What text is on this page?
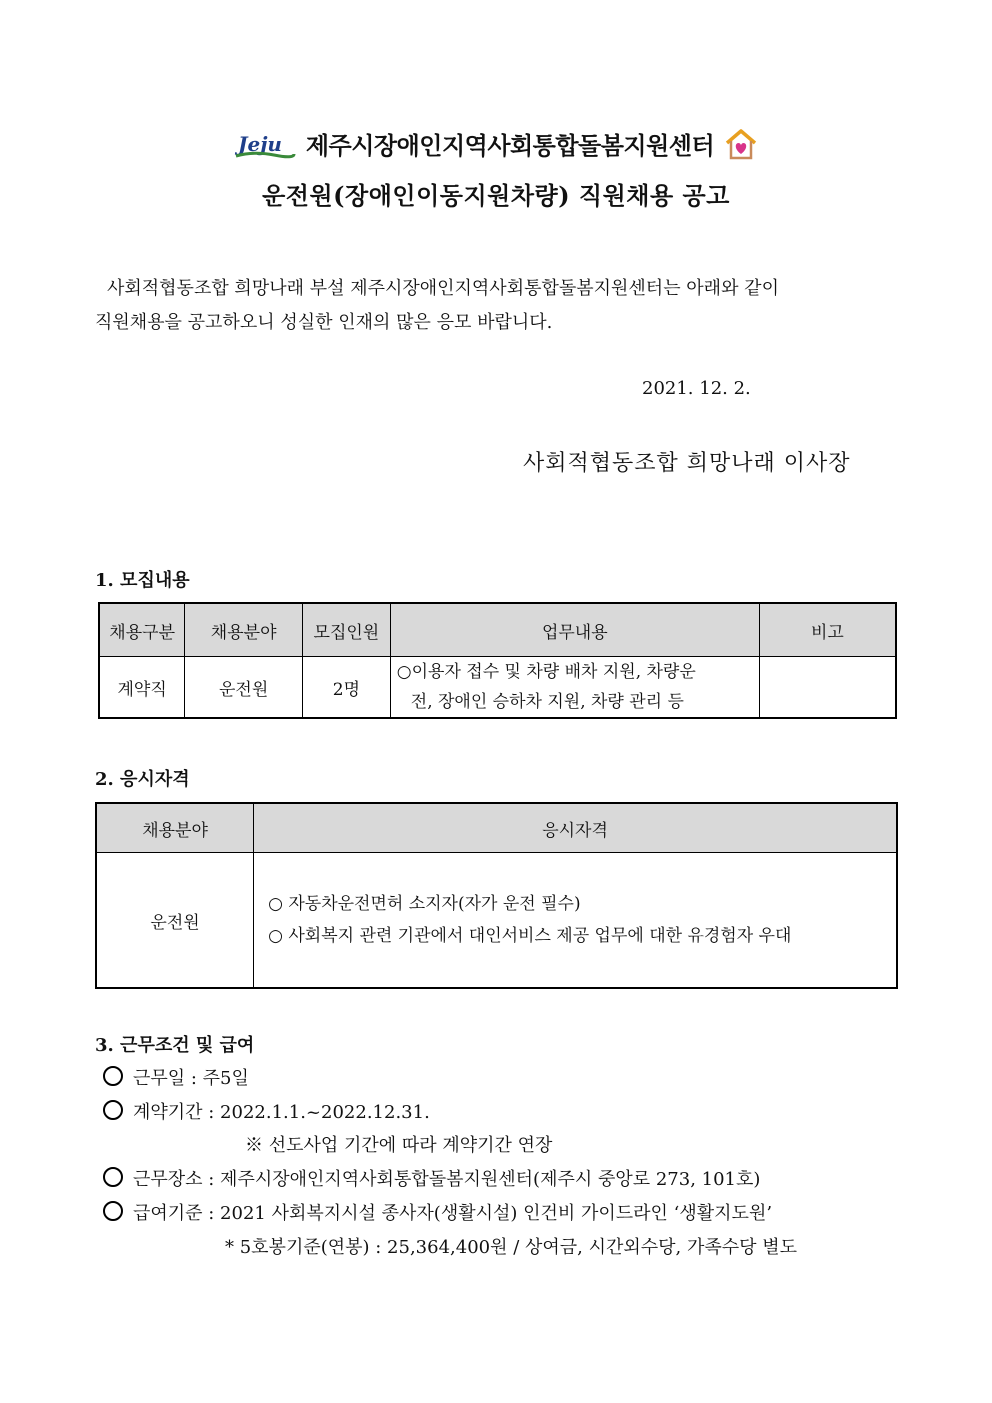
Jeju 제주시장애인지역사회통합돌봄지원센터
운전원(장애인이동지원차량) 직원채용 공고

사회적협동조합 희망나래 부설 제주시장애인지역사회통합돌봄지원센터는 아래와 같이

직원채용을 공고하오니 성실한 인재의 많은 응모 바랍니다.

2021. 12. 2.
사회적협동조합 희망나래 이사장
1. 모집내용
채용구분	채용분야	모집인원	업무내용	비고
계약직	운전원	2명	○이용자 접수 및 차량 배차 지원, 차량운
전, 장애인 승하차 지원, 차량 관리 등	

2. 응시자격
채용분야	응시자격
운전원	○ 자동차운전면허 소지자(자가 운전 필수)
○ 사회복지 관련 기관에서 대인서비스 제공 업무에 대한 유경험자 우대
3. 근무조건 및 급여
근무일 : 주5일
계약기간 : 2022.1.1.~2022.12.31.
※ 선도사업 기간에 따라 계약기간 연장
근무장소 : 제주시장애인지역사회통합돌봄지원센터(제주시 중앙로 273, 101호)
급여기준 : 2021 사회복지시설 종사자(생활시설) 인건비 가이드라인 ‘생활지도원’
* 5호봉기준(연봉) : 25,364,400원 / 상여금, 시간외수당, 가족수당 별도
